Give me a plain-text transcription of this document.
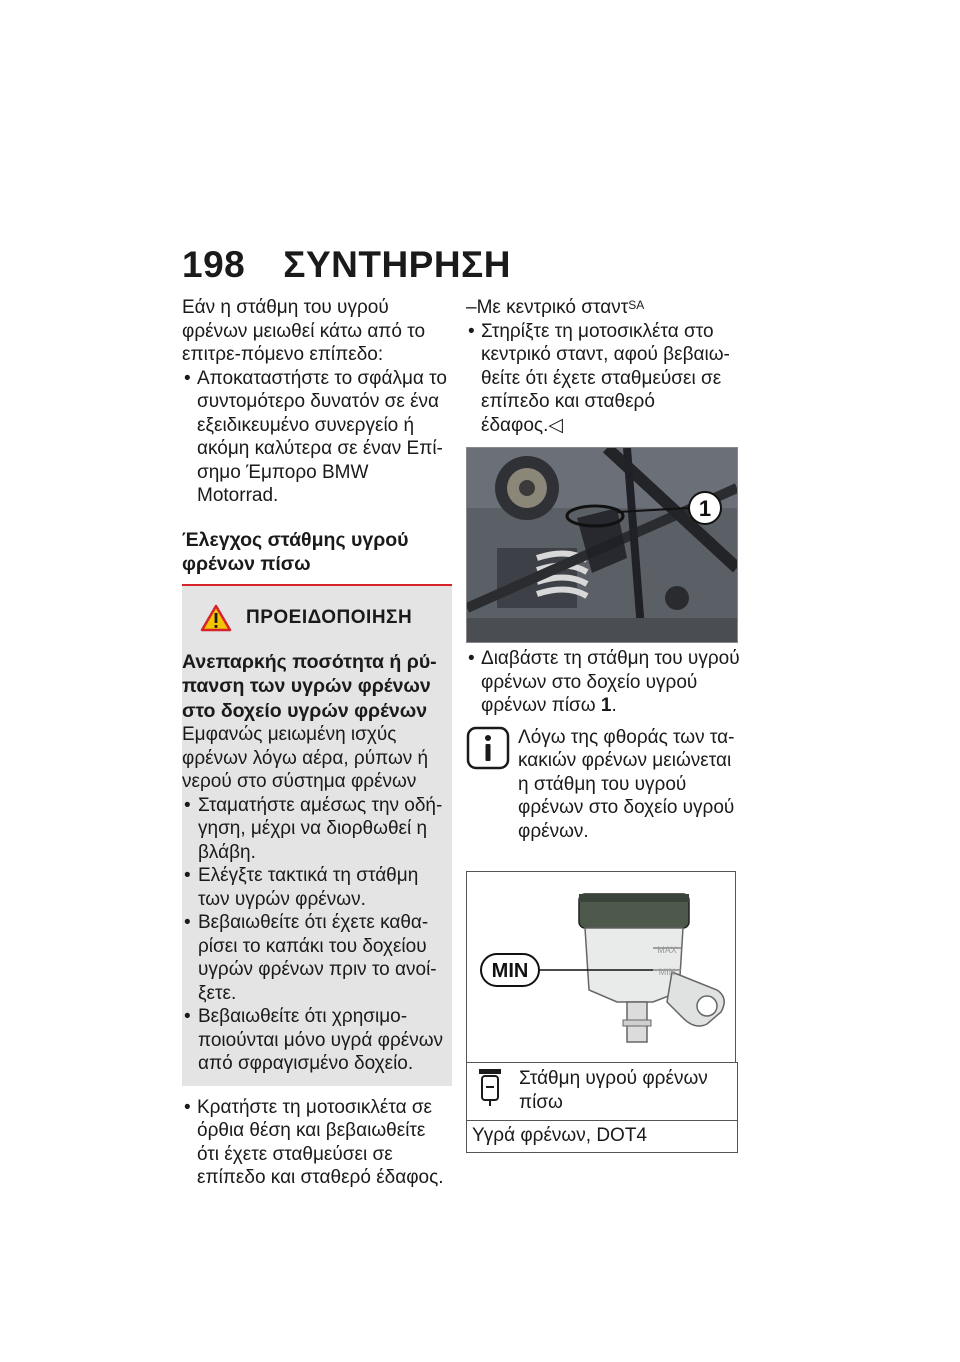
198 ΣΥΝΤΗΡΗΣΗ

Εάν η στάθμη του υγρού φρένων μειωθεί κάτω από το επιτρε-πόμενο επίπεδο:

• Αποκαταστήστε το σφάλμα το συντομότερο δυνατόν σε ένα εξειδικευμένο συνεργείο ή ακόμη καλύτερα σε έναν Επί-σημο Έμπορο BMW Motorrad.

Έλεγχος στάθμης υγρού φρένων πίσω
ΠΡΟΕΙΔΟΠΟΙΗΣΗ
Ανεπαρκής ποσότητα ή ρύ-πανση των υγρών φρένων στο δοχείο υγρών φρένων

Εμφανώς μειωμένη ισχύς φρένων λόγω αέρα, ρύπων ή νερού στο σύστημα φρένων

• Σταματήστε αμέσως την οδή-γηση, μέχρι να διορθωθεί η βλάβη.

• Ελέγξτε τακτικά τη στάθμη των υγρών φρένων.

• Βεβαιωθείτε ότι έχετε καθα-ρίσει το καπάκι του δοχείου υγρών φρένων πριν το ανοί-ξετε.

• Βεβαιωθείτε ότι χρησιμο-ποιούνται μόνο υγρά φρένων από σφραγισμένο δοχείο.

• Κρατήστε τη μοτοσικλέτα σε όρθια θέση και βεβαιωθείτε ότι έχετε σταθμεύσει σε επίπεδο και σταθερό έδαφος.

–Με κεντρικό σταντ$^{SA}$

• Στηρίξτε τη μοτοσικλέτα στο κεντρικό σταντ, αφού βεβαιω-θείτε ότι έχετε σταθμεύσει σε επίπεδο και σταθερό έδαφος.◁

1

• Διαβάστε τη στάθμη του υγρού φρένων στο δοχείο υγρού φρένων πίσω 1.

Λόγω της φθοράς των τα-κακιών φρένων μειώνεται η στάθμη του υγρού φρένων στο δοχείο υγρού φρένων.

MAX
MIN
MIN
Στάθμη υγρού φρένων πίσω
Υγρά φρένων, DOT4
